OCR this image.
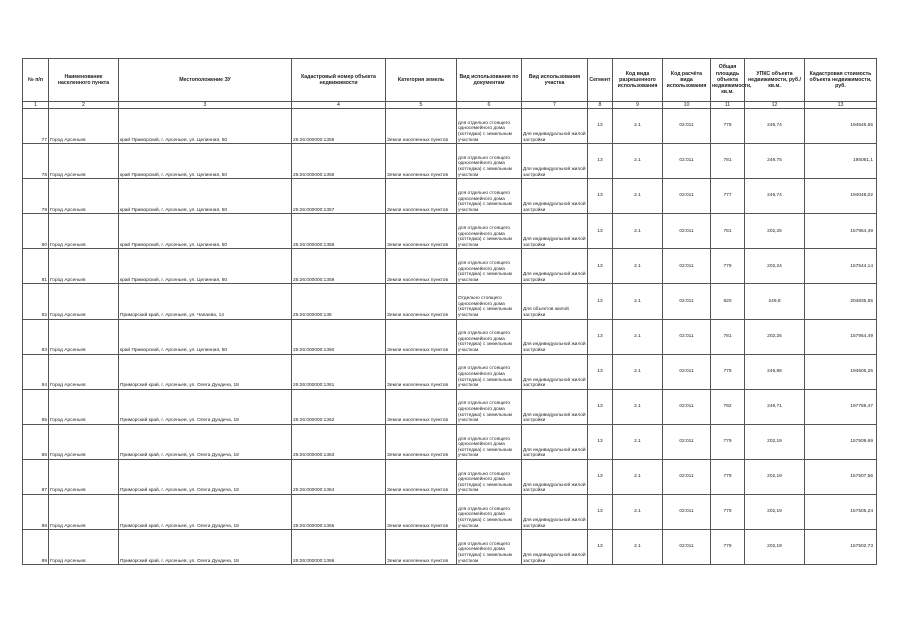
№ п/п	Наименование населенного пункта	Местоположение ЗУ	Кадастровый номер объекта недвижимости	Категория земель	Вид использования по документам	Вид использования участка	Сегмент	Код вида разрешенного использования	Код расчёта вида использования	Общая площадь объекта недвижимости, кв.м.	УПКС объекта недвижимости, руб./кв.м.	Кадастровая стоимость объекта недвижимости, руб.
1	2	3	4	5	6	7	8	9	10	11	12	13
77	Город Арсеньев	край Приморский, г. Арсеньев, ул. Целинная, 50	25:26:000000:1355	Земли населенных пунктов	для отдельно стоящего односемейного дома (коттеджа) с земельным участком	Для индивидуальной жилой застройки	13	2.1	02:011	779	249,74	194546,55
78	Город Арсеньев	край Приморский, г. Арсеньев, ул. Целинная, 50	25:26:000000:1356	Земли населенных пунктов	для отдельно стоящего односемейного дома (коттеджа) с земельным участком	Для индивидуальной жилой застройки	13	2.1	02:011	781	249,75	195061,1
79	Город Арсеньев	край Приморский, г. Арсеньев, ул. Целинная, 50	25:26:000000:1357	Земли населенных пунктов	для отдельно стоящего односемейного дома (коттеджа) с земельным участком	Для индивидуальной жилой застройки	13	2.1	02:011	777	249,74	194048,02
80	Город Арсеньев	край Приморский, г. Арсеньев, ул. Целинная, 50	25:26:000000:1358	Земли населенных пунктов	для отдельно стоящего односемейного дома (коттеджа) с земельным участком	Для индивидуальной жилой застройки	13	2.1	02:011	781	202,25	157954,49
81	Город Арсеньев	край Приморский, г. Арсеньев, ул. Целинная, 50	25:26:000000:1359	Земли населенных пунктов	для отдельно стоящего односемейного дома (коттеджа) с земельным участком	Для индивидуальной жилой застройки	13	2.1	02:011	779	202,24	157544,14
82	Город Арсеньев	Приморский край, г. Арсеньев, ул. Чапаева, 14	25:26:000000:136	Земли населенных пунктов	Отдельно стоящего односемейного дома (коттеджа) с земельным участком	Для объектов жилой застройки	13	2.1	02:011	820	249,8	204835,55
83	Город Арсеньев	край Приморский, г. Арсеньев, ул. Целинная, 50	25:26:000000:1360	Земли населенных пунктов	для отдельно стоящего односемейного дома (коттеджа) с земельным участком	Для индивидуальной жилой застройки	13	2.1	02:011	781	202,25	157954,49
84	Город Арсеньев	Приморский край, г. Арсеньев, ул. Олега Дундича, 18	25:26:000000:1361	Земли населенных пунктов	для отдельно стоящего односемейного дома (коттеджа) с земельным участком	Для индивидуальной жилой застройки	13	2.1	02:011	779	249,88	194505,25
85	Город Арсеньев	Приморский край, г. Арсеньев, ул. Олега Дундича, 18	25:26:000000:1362	Земли населенных пунктов	для отдельно стоящего односемейного дома (коттеджа) с земельным участком	Для индивидуальной жилой застройки	13	2.1	02:011	792	249,71	197769,47
86	Город Арсеньев	Приморский край, г. Арсеньев, ул. Олега Дундича, 18	25:26:000000:1363	Земли населенных пунктов	для отдельно стоящего односемейного дома (коттеджа) с земельным участком	Для индивидуальной жилой застройки	13	2.1	02:011	779	202,19	157509,69
87	Город Арсеньев	Приморский край, г. Арсеньев, ул. Олега Дундича, 18	25:26:000000:1364	Земли населенных пунктов	для отдельно стоящего односемейного дома (коттеджа) с земельным участком	Для индивидуальной жилой застройки	13	2.1	02:011	779	202,19	157507,56
88	Город Арсеньев	Приморский край, г. Арсеньев, ул. Олега Дундича, 18	25:26:000000:1365	Земли населенных пунктов	для отдельно стоящего односемейного дома (коттеджа) с земельным участком	Для индивидуальной жилой застройки	13	2.1	02:011	779	202,19	157505,24
89	Город Арсеньев	Приморский край, г. Арсеньев, ул. Олега Дундича, 18	25:26:000000:1366	Земли населенных пунктов	для отдельно стоящего односемейного дома (коттеджа) с земельным участком	Для индивидуальной жилой застройки	13	2.1	02:011	779	202,19	157502,73
